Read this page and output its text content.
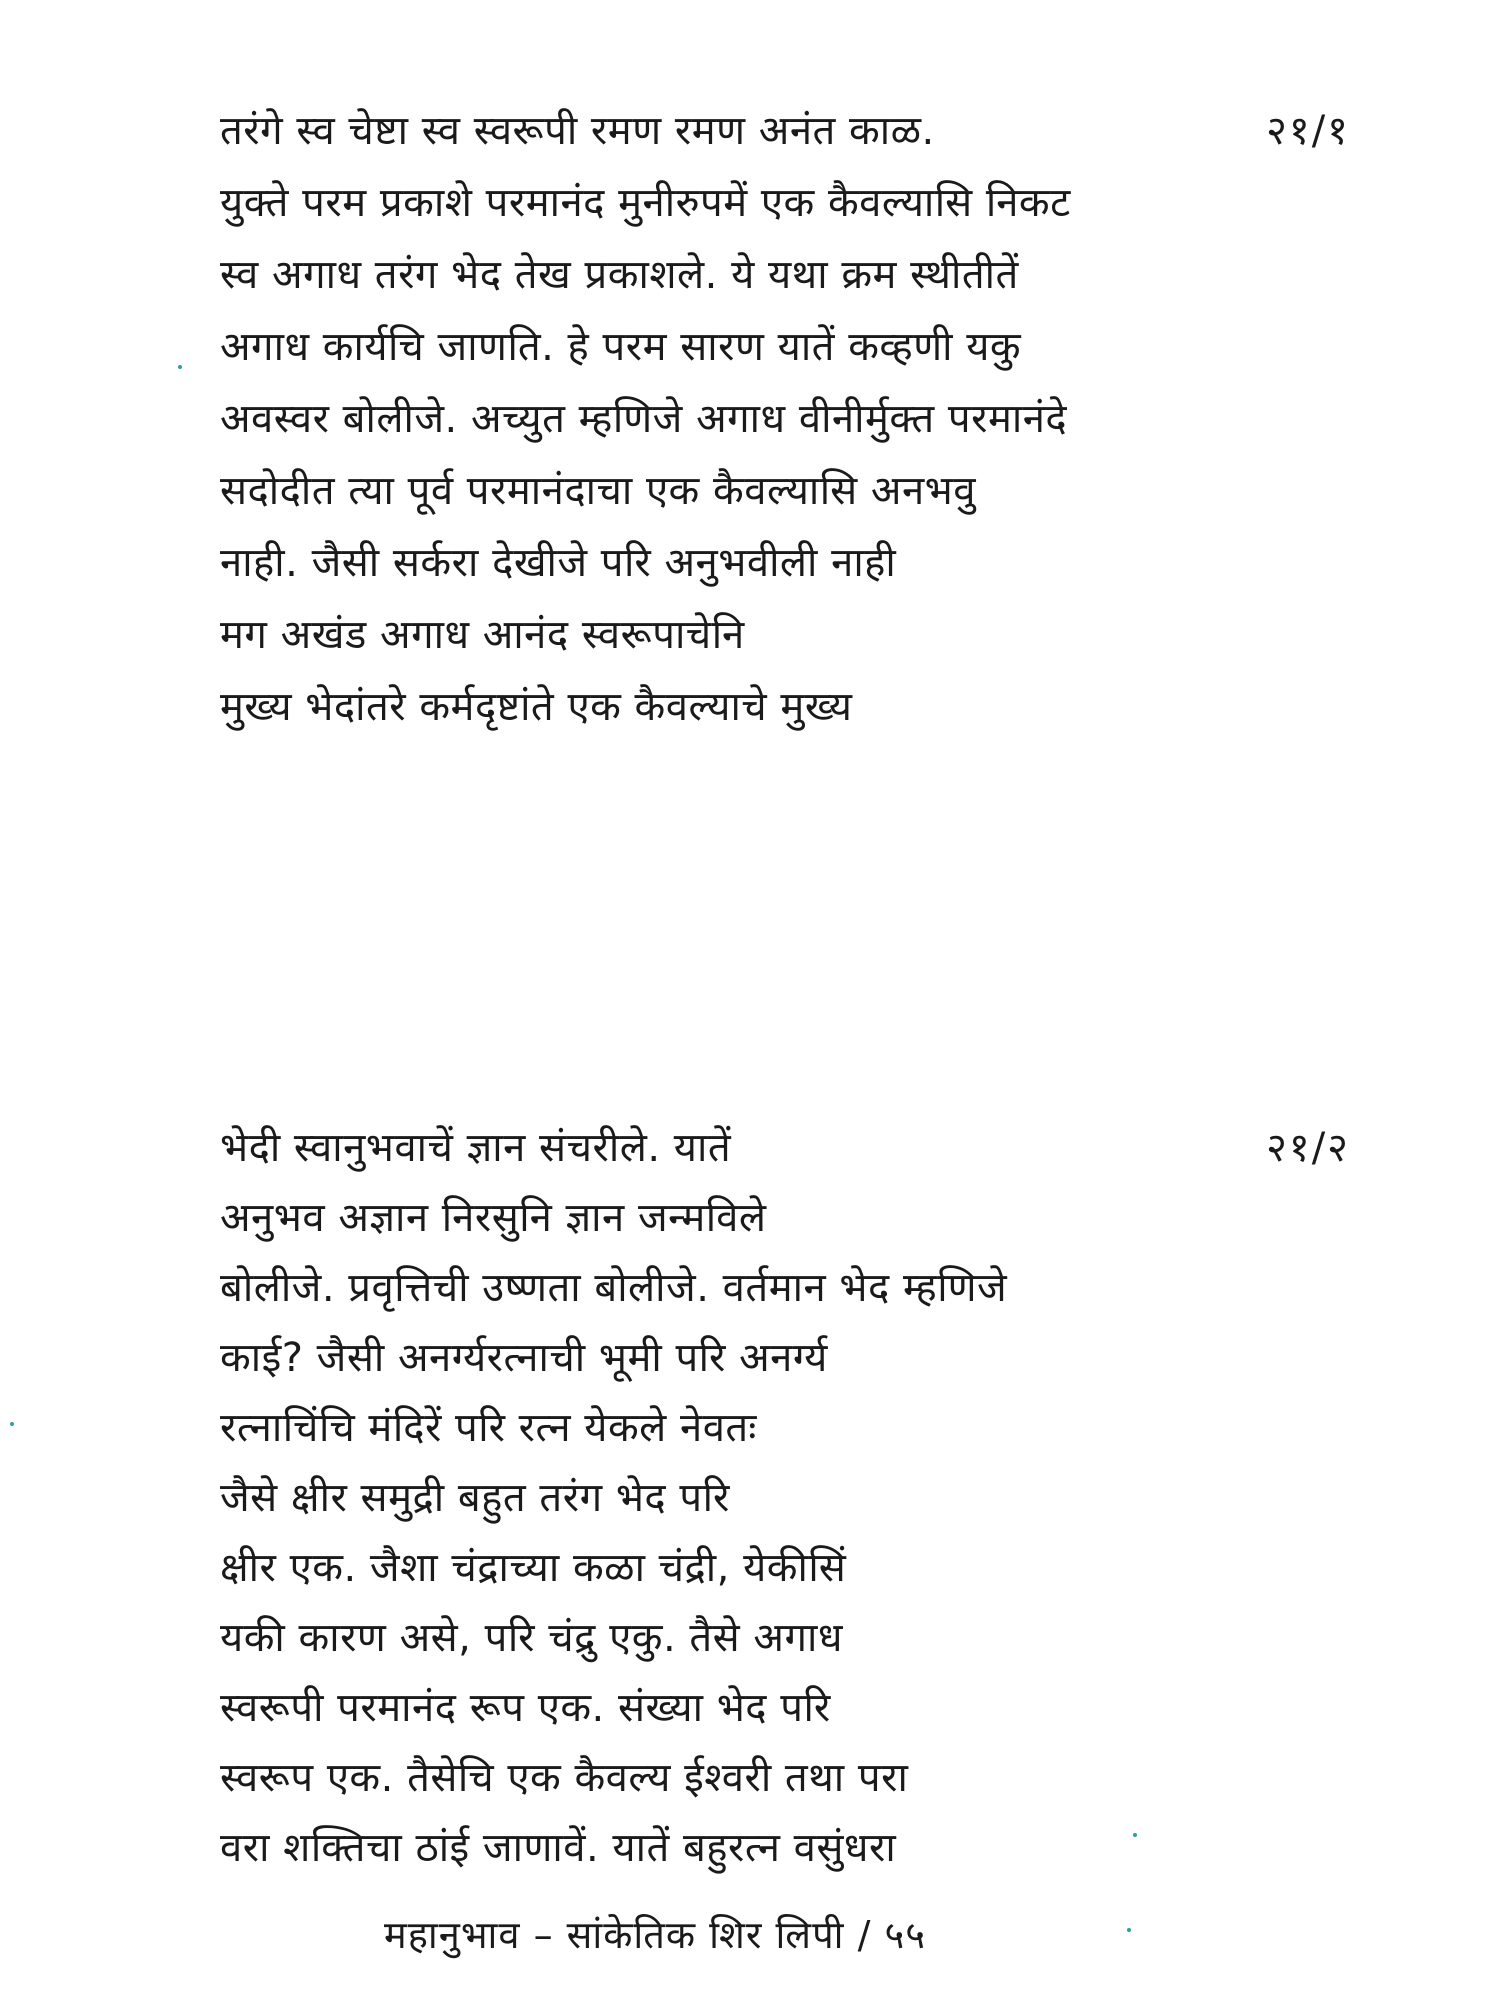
तरंगे स्व चेष्टा स्व स्वरूपी रमण रमण अनंत काळ.	२१/१
युक्ते परम प्रकाशे परमानंद मुनीरुपमें एक कैवल्यासि निकट
स्व अगाध तरंग भेद तेख प्रकाशले. ये यथा क्रम स्थीतीतें
अगाध कार्यचि जाणति. हे परम सारण यातें कव्हणी यकु
अवस्वर बोलीजे. अच्युत म्हणिजे अगाध वीनीर्मुक्त परमानंदे
सदोदीत त्या पूर्व परमानंदाचा एक कैवल्यासि अनभवु
नाही. जैसी सर्करा देखीजे परि अनुभवीली नाही
मग अखंड अगाध आनंद स्वरूपाचेनि
मुख्य भेदांतरे कर्मदृष्टांते एक कैवल्याचे मुख्य
भेदी स्वानुभवाचें ज्ञान संचरीले. यातें	२१/२
अनुभव अज्ञान निरसुनि ज्ञान जन्मविले
बोलीजे. प्रवृत्तिची उष्णता बोलीजे. वर्तमान भेद म्हणिजे
काई? जैसी अनर्ग्यरत्नाची भूमी परि अनर्ग्य
रत्नाचिंचि मंदिरें परि रत्न येकले नेवतः
जैसे क्षीर समुद्री बहुत तरंग भेद परि
क्षीर एक. जैशा चंद्राच्या कळा चंद्री, येकीसिं
यकी कारण असे, परि चंद्रु एकु. तैसे अगाध
स्वरूपी परमानंद रूप एक. संख्या भेद परि
स्वरूप एक. तैसेचि एक कैवल्य ईश्वरी तथा परा
वरा शक्तिचा ठांई जाणावें. यातें बहुरत्न वसुंधरा
महानुभाव – सांकेतिक शिर लिपी / ५५
